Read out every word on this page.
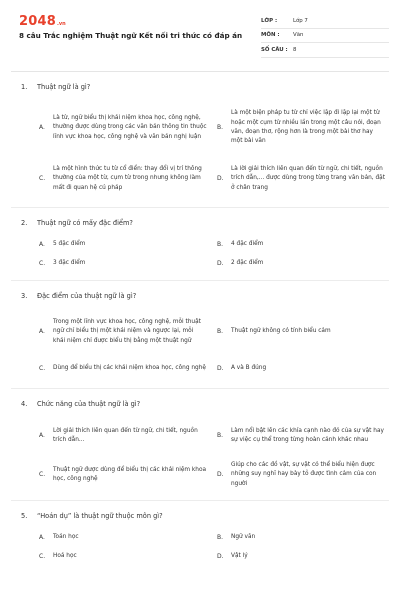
2048 .vn
8 câu Trắc nghiệm Thuật ngữ Kết nối tri thức có đáp án
LỚP :	Lớp 7
MÔN :	Văn
SỐ CÂU : 8
1.	Thuật ngữ là gì?
A.
Là từ, ngữ biểu thị khái niệm khoa học, công nghệ, thường được dùng trong các văn bản thông tin thuộc lĩnh vực khoa học, công nghệ và văn bản nghị luận
B.
Là một biện pháp tu từ chỉ việc lặp đi lặp lại một từ hoặc một cụm từ nhiều lần trong một câu nói, đoạn văn, đoạn thơ, rộng hơn là trong một bài thơ hay một bài văn
C.
Là một hình thức tu từ cổ điển: thay đổi vị trí thông thường của một từ, cụm từ trong nhưng không làm mất đi quan hệ cú pháp
D.
Là lời giải thích liên quan đến từ ngữ, chi tiết, nguồn trích dẫn,... được dùng trong từng trang văn bản, đặt ở chân trang
2.	Thuật ngữ có mấy đặc điểm?
A.	5 đặc điểm	B.	4 đặc điểm
C.	3 đặc điểm	D.	2 đặc điểm
3.	Đặc điểm của thuật ngữ là gì?
A.
Trong một lĩnh vực khoa học, công nghệ, mỗi thuật ngữ chỉ biểu thị một khái niệm và ngược lại, mỗi khái niệm chỉ được biểu thị bằng một thuật ngữ
B.	Thuật ngữ không có tính biểu cảm
C.	Dùng để biểu thị các khái niệm khoa học, công nghệ	D.	A và B đúng
4.	Chức năng của thuật ngữ là gì?
A.
Lời giải thích liên quan đến từ ngữ, chi tiết, nguồn trích dẫn...
B.
Làm nổi bật lên các khía cạnh nào đó của sự vật hay sự việc cụ thể trong từng hoàn cảnh khác nhau
C.
Thuật ngữ được dùng để biểu thị các khái niệm khoa học, công nghệ
D.
Giúp cho các đồ vật, sự vật có thể biểu hiện được những suy nghĩ hay bày tỏ được tình cảm của con người
5.	“Hoán dụ” là thuật ngữ thuộc môn gì?
A.	Toán học	B.	Ngữ văn
C.	Hoá học	D.	Vật lý
